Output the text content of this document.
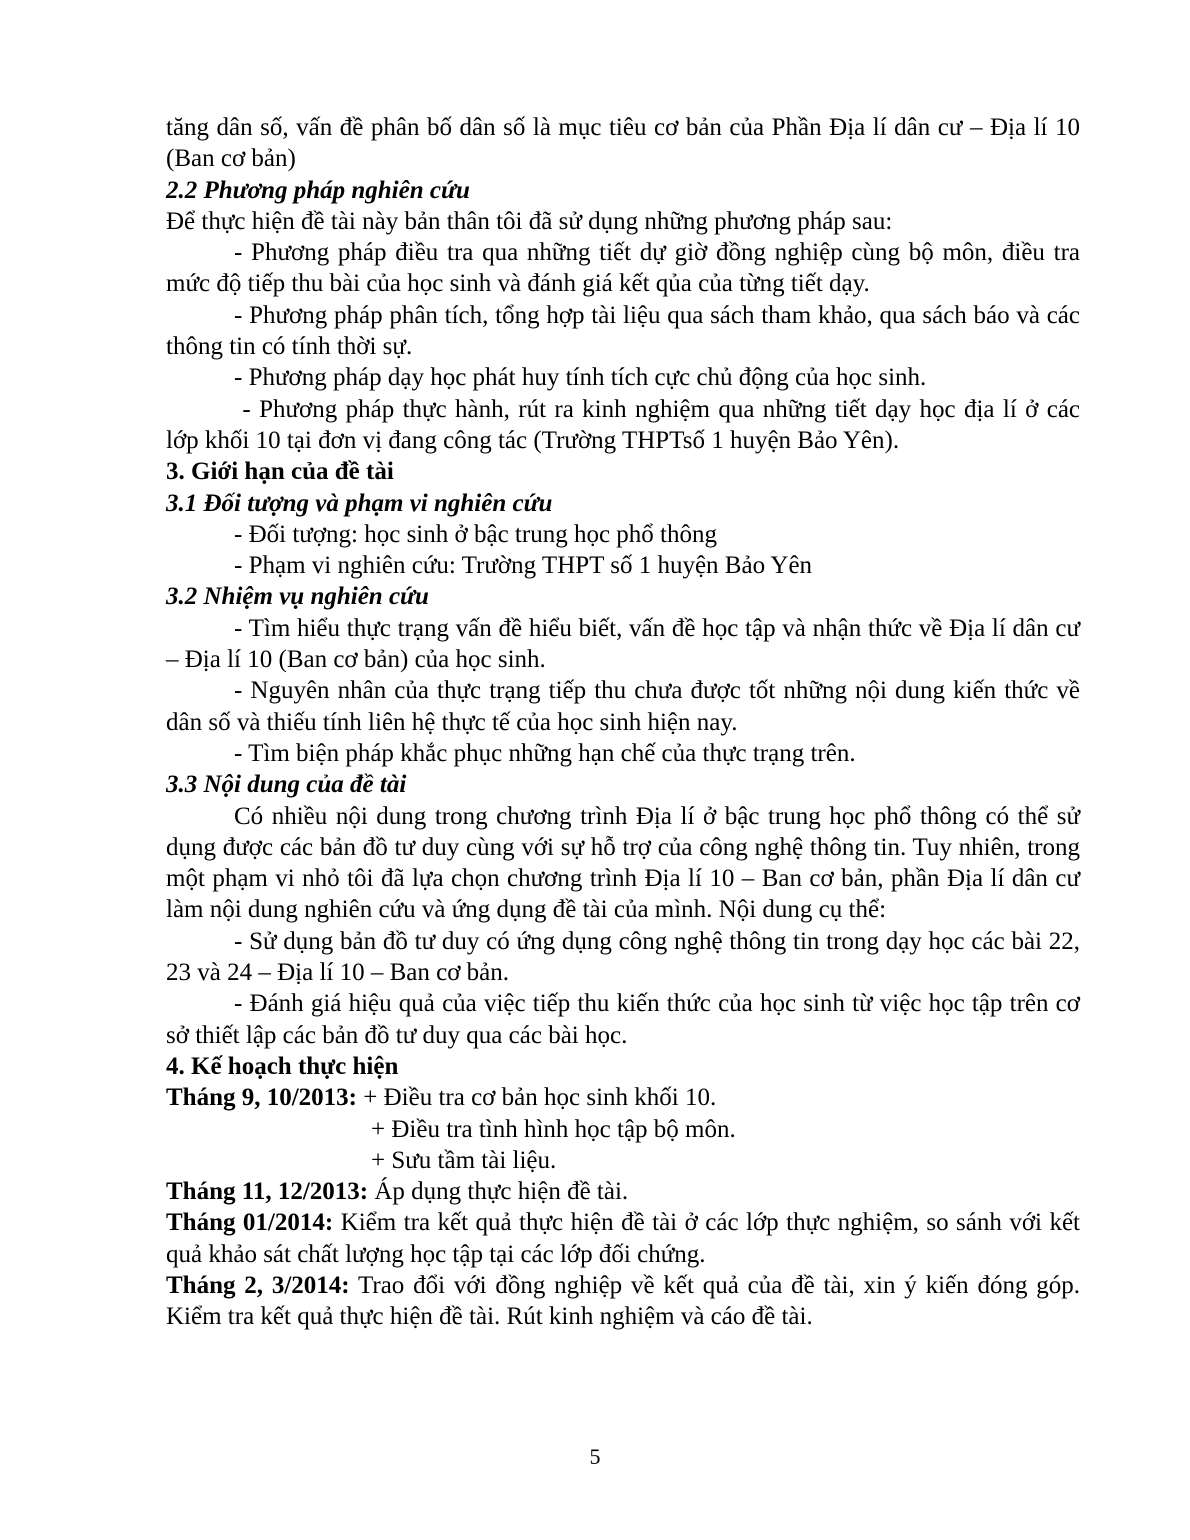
tăng dân số, vấn đề phân bố dân số là mục tiêu cơ bản của Phần Địa lí dân cư – Địa lí 10 (Ban cơ bản)

2.2 Phương pháp nghiên cứu

Để thực hiện đề tài này bản thân tôi đã sử dụng những phương pháp sau:

- Phương pháp điều tra qua những tiết dự giờ đồng nghiệp cùng bộ môn, điều tra mức độ tiếp thu bài của học sinh và đánh giá kết qủa của từng tiết dạy.

- Phương pháp phân tích, tổng hợp tài liệu qua sách tham khảo, qua sách báo và các thông tin có tính thời sự.

- Phương pháp dạy học phát huy tính tích cực chủ động của học sinh.

- Phương pháp thực hành, rút ra kinh nghiệm qua những tiết dạy học địa lí ở các lớp khối 10 tại đơn vị đang công tác (Trường THPTsố 1 huyện Bảo Yên).

3. Giới hạn của đề tài

3.1 Đối tượng và phạm vi nghiên cứu

- Đối tượng: học sinh ở bậc trung học phổ thông

- Phạm vi nghiên cứu: Trường THPT số 1 huyện Bảo Yên

3.2 Nhiệm vụ nghiên cứu

- Tìm hiểu thực trạng vấn đề hiểu biết, vấn đề học tập và nhận thức về Địa lí dân cư – Địa lí 10 (Ban cơ bản) của học sinh.

- Nguyên nhân của thực trạng tiếp thu chưa được tốt những nội dung kiến thức về dân số và thiếu tính liên hệ thực tế của học sinh hiện nay.

- Tìm biện pháp khắc phục những hạn chế của thực trạng trên.

3.3 Nội dung của đề tài

Có nhiều nội dung trong chương trình Địa lí ở bậc trung học phổ thông có thể sử dụng được các bản đồ tư duy cùng với sự hỗ trợ của công nghệ thông tin. Tuy nhiên, trong một phạm vi nhỏ tôi đã lựa chọn chương trình Địa lí 10 – Ban cơ bản, phần Địa lí dân cư làm nội dung nghiên cứu và ứng dụng đề tài của mình. Nội dung cụ thể:

- Sử dụng bản đồ tư duy có ứng dụng công nghệ thông tin trong dạy học các bài 22, 23 và 24 – Địa lí 10 – Ban cơ bản.

- Đánh giá hiệu quả của việc tiếp thu kiến thức của học sinh từ việc học tập trên cơ sở thiết lập các bản đồ tư duy qua các bài học.

4. Kế hoạch thực hiện

Tháng 9, 10/2013: + Điều tra cơ bản học sinh khối 10.

+ Điều tra tình hình học tập bộ môn.

+ Sưu tầm tài liệu.

Tháng 11, 12/2013: Áp dụng thực hiện đề tài.

Tháng 01/2014: Kiểm tra kết quả thực hiện đề tài ở các lớp thực nghiệm, so sánh với kết quả khảo sát chất lượng học tập tại các lớp đối chứng.

Tháng 2, 3/2014: Trao đổi với đồng nghiệp về kết quả của đề tài, xin ý kiến đóng góp. Kiểm tra kết quả thực hiện đề tài. Rút kinh nghiệm và cáo đề tài.

5
